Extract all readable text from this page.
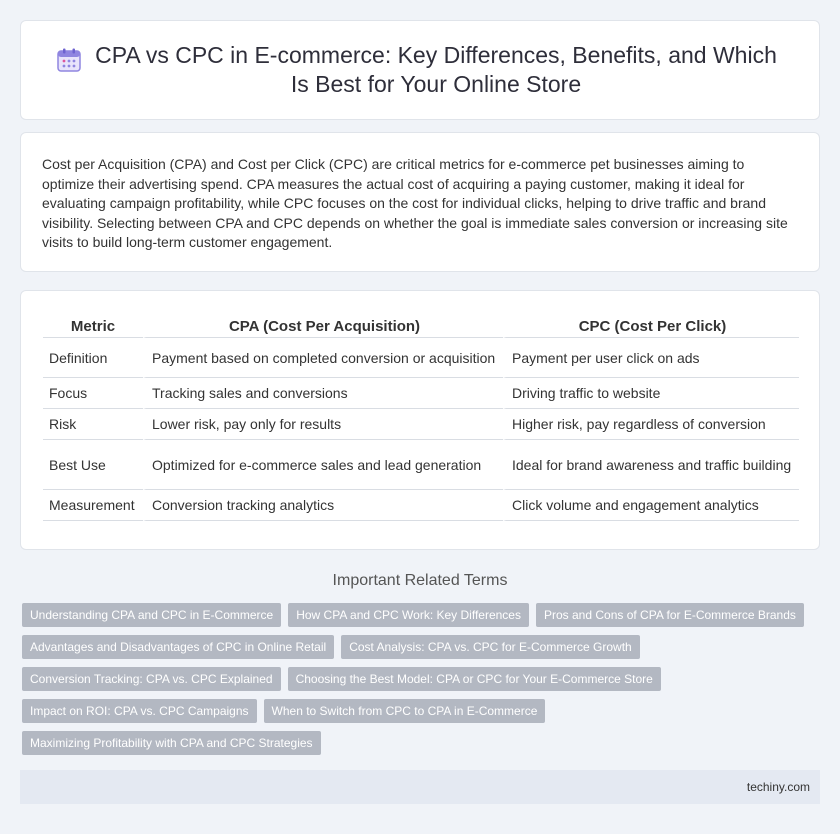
CPA vs CPC in E-commerce: Key Differences, Benefits, and Which
Is Best for Your Online Store

Cost per Acquisition (CPA) and Cost per Click (CPC) are critical metrics for e-commerce pet businesses aiming to optimize their advertising spend. CPA measures the actual cost of acquiring a paying customer, making it ideal for evaluating campaign profitability, while CPC focuses on the cost for individual clicks, helping to drive traffic and brand visibility. Selecting between CPA and CPC depends on whether the goal is immediate sales conversion or increasing site visits to build long-term customer engagement.

Metric	CPA (Cost Per Acquisition)	CPC (Cost Per Click)
Definition	Payment based on completed conversion or acquisition	Payment per user click on ads
Focus	Tracking sales and conversions	Driving traffic to website
Risk	Lower risk, pay only for results	Higher risk, pay regardless of conversion
Best Use	Optimized for e-commerce sales and lead generation	Ideal for brand awareness and traffic building
Measurement	Conversion tracking analytics	Click volume and engagement analytics
Important Related Terms
Understanding CPA and CPC in E-Commerce	How CPA and CPC Work: Key Differences	Pros and Cons of CPA for E-Commerce Brands
Advantages and Disadvantages of CPC in Online Retail	Cost Analysis: CPA vs. CPC for E-Commerce Growth
Conversion Tracking: CPA vs. CPC Explained	Choosing the Best Model: CPA or CPC for Your E-Commerce Store
Impact on ROI: CPA vs. CPC Campaigns	When to Switch from CPC to CPA in E-Commerce
Maximizing Profitability with CPA and CPC Strategies
techiny.com
